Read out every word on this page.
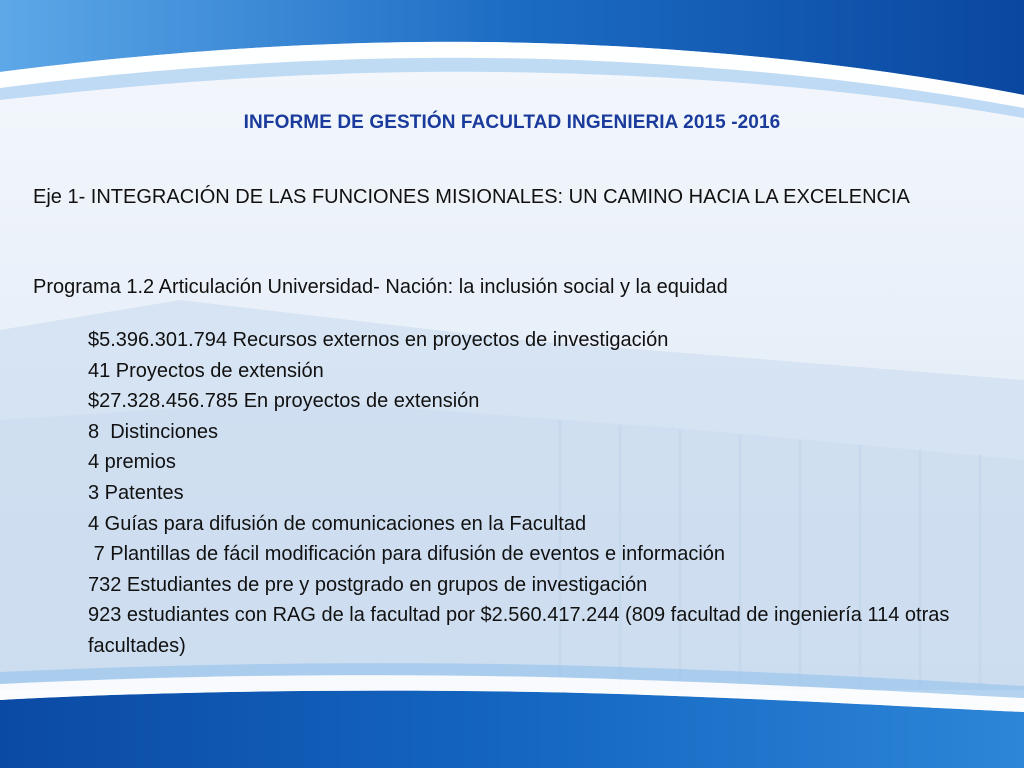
INFORME DE GESTIÓN FACULTAD INGENIERIA 2015 -2016
Eje 1- INTEGRACIÓN DE LAS FUNCIONES MISIONALES: UN CAMINO HACIA LA EXCELENCIA
Programa 1.2 Articulación Universidad- Nación: la inclusión social y la equidad
$5.396.301.794 Recursos externos en proyectos de investigación
41 Proyectos de extensión
$27.328.456.785 En proyectos de extensión
8  Distinciones
4 premios
3 Patentes
4 Guías para difusión de comunicaciones en la Facultad
7 Plantillas de fácil modificación para difusión de eventos e información
732 Estudiantes de pre y postgrado en grupos de investigación
923 estudiantes con RAG de la facultad por $2.560.417.244 (809 facultad de ingeniería 114 otras facultades)
